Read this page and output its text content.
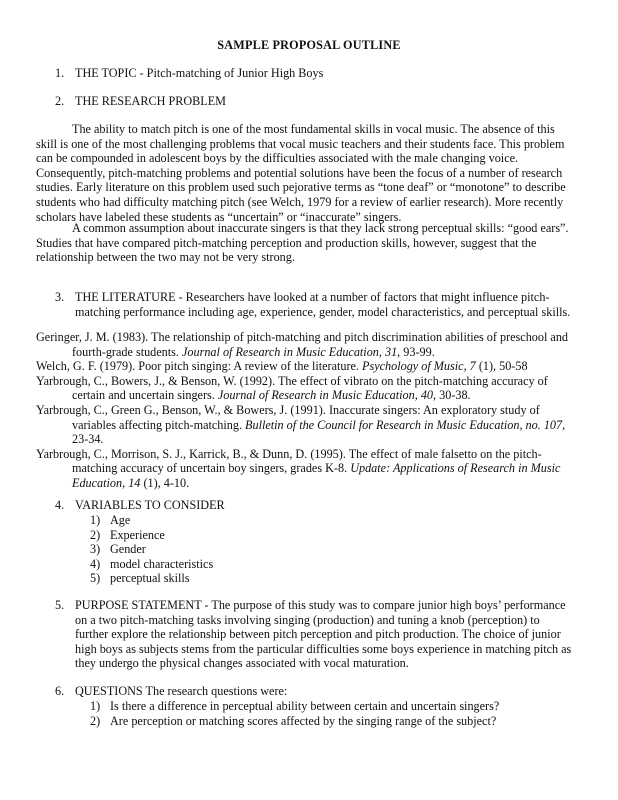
SAMPLE PROPOSAL OUTLINE
1. THE TOPIC - Pitch-matching of Junior High Boys
2. THE RESEARCH PROBLEM
The ability to match pitch is one of the most fundamental skills in vocal music. The absence of this skill is one of the most challenging problems that vocal music teachers and their students face. This problem can be compounded in adolescent boys by the difficulties associated with the male changing voice. Consequently, pitch-matching problems and potential solutions have been the focus of a number of research studies. Early literature on this problem used such pejorative terms as “tone deaf” or “monotone” to describe students who had difficulty matching pitch (see Welch, 1979 for a review of earlier research). More recently scholars have labeled these students as “uncertain” or “inaccurate” singers.
A common assumption about inaccurate singers is that they lack strong perceptual skills: “good ears”. Studies that have compared pitch-matching perception and production skills, however, suggest that the relationship between the two may not be very strong.
3. THE LITERATURE - Researchers have looked at a number of factors that might influence pitch-matching performance including age, experience, gender, model characteristics, and perceptual skills.

Geringer, J. M. (1983). The relationship of pitch-matching and pitch discrimination abilities of preschool and fourth-grade students. Journal of Research in Music Education, 31, 93-99.

Welch, G. F. (1979). Poor pitch singing: A review of the literature. Psychology of Music, 7 (1), 50-58

Yarbrough, C., Bowers, J., & Benson, W. (1992). The effect of vibrato on the pitch-matching accuracy of certain and uncertain singers. Journal of Research in Music Education, 40, 30-38.

Yarbrough, C., Green G., Benson, W., & Bowers, J. (1991). Inaccurate singers: An exploratory study of variables affecting pitch-matching. Bulletin of the Council for Research in Music Education, no. 107, 23-34.

Yarbrough, C., Morrison, S. J., Karrick, B., & Dunn, D. (1995). The effect of male falsetto on the pitch-matching accuracy of uncertain boy singers, grades K-8. Update: Applications of Research in Music Education, 14 (1), 4-10.

4. VARIABLES TO CONSIDER
1) Age
2) Experience
3) Gender
4) model characteristics
5) perceptual skills
5. PURPOSE STATEMENT - The purpose of this study was to compare junior high boys’ performance on a two pitch-matching tasks involving singing (production) and tuning a knob (perception) to further explore the relationship between pitch perception and pitch production. The choice of junior high boys as subjects stems from the particular difficulties some boys experience in matching pitch as they undergo the physical changes associated with vocal maturation.
6. QUESTIONS The research questions were:
1) Is there a difference in perceptual ability between certain and uncertain singers?
2) Are perception or matching scores affected by the singing range of the subject?
